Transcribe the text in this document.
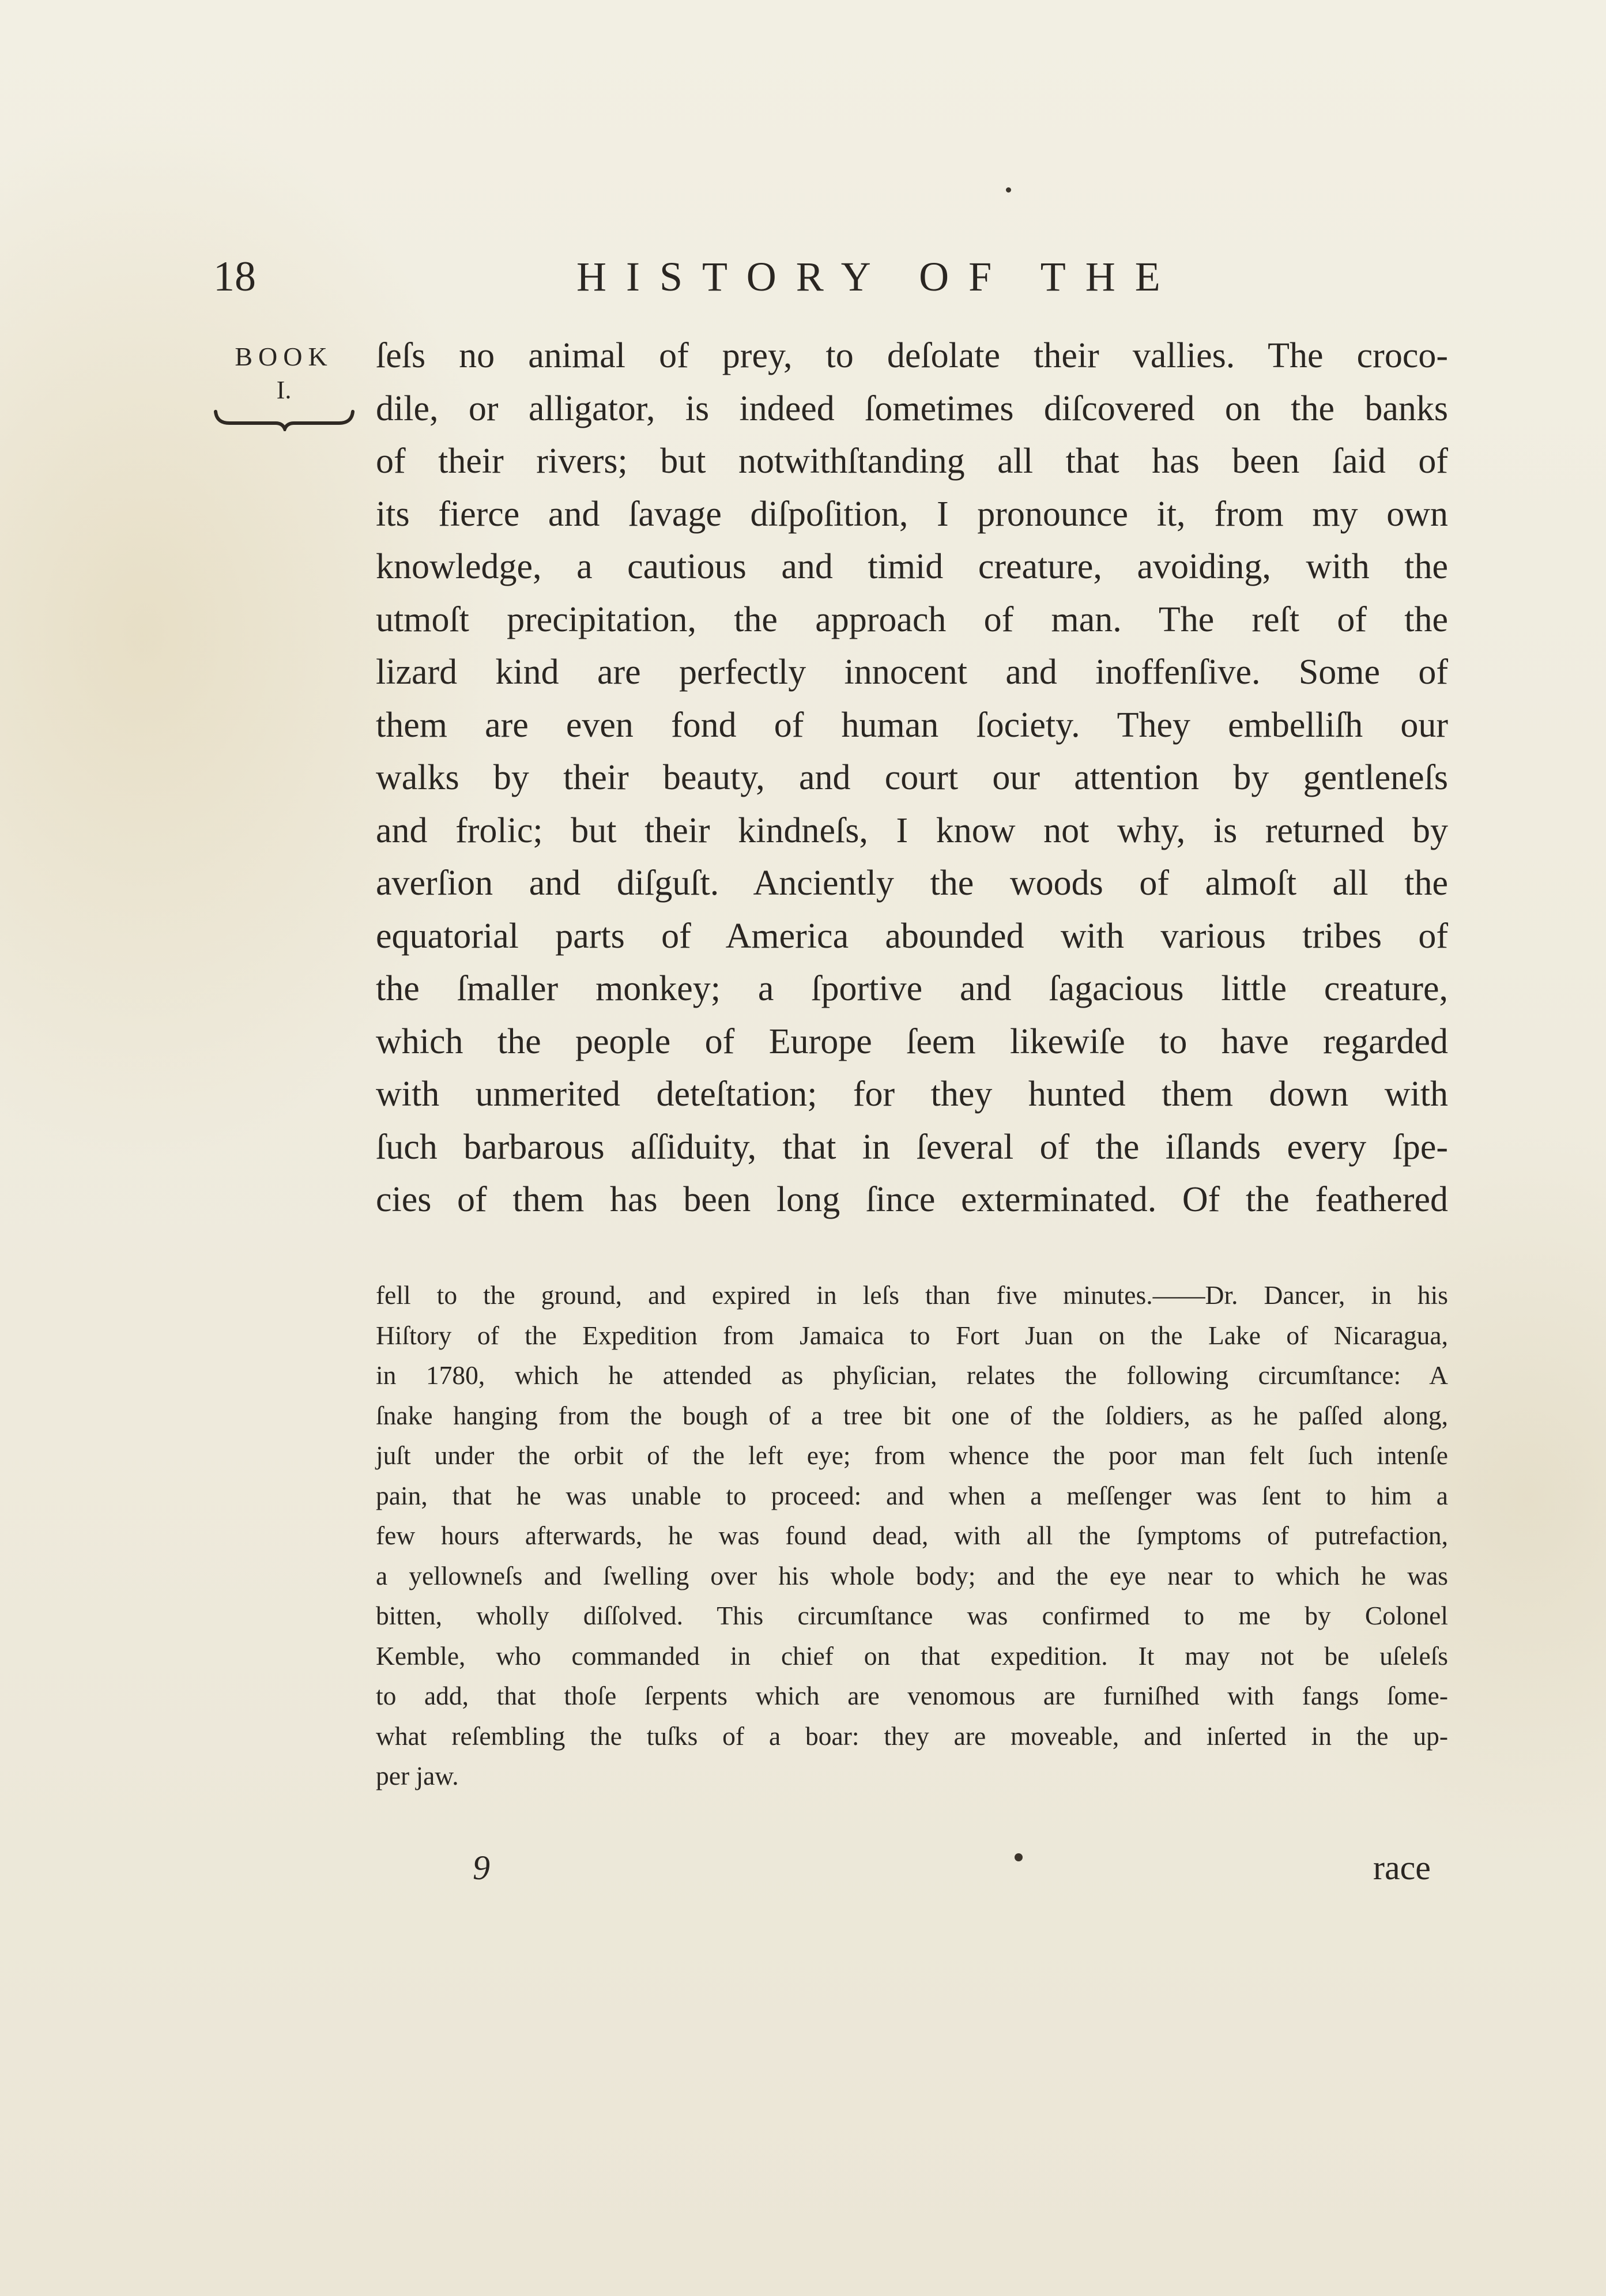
18	HISTORY OF THE
BOOK
I.
ſeſs no animal of prey, to deſolate their vallies. The croco-
dile, or alligator, is indeed ſometimes diſcovered on the banks
of their rivers; but notwithſtanding all that has been ſaid of
its fierce and ſavage diſpoſition, I pronounce it, from my own
knowledge, a cautious and timid creature, avoiding, with the
utmoſt precipitation, the approach of man. The reſt of the
lizard kind are perfectly innocent and inoffenſive. Some of
them are even fond of human ſociety. They embelliſh our
walks by their beauty, and court our attention by gentleneſs
and frolic; but their kindneſs, I know not why, is returned by
averſion and diſguſt. Anciently the woods of almoſt all the
equatorial parts of America abounded with various tribes of
the ſmaller monkey; a ſportive and ſagacious little creature,
which the people of Europe ſeem likewiſe to have regarded
with unmerited deteſtation; for they hunted them down with
ſuch barbarous aſſiduity, that in ſeveral of the iſlands every ſpe-
cies of them has been long ſince exterminated. Of the feathered
fell to the ground, and expired in leſs than five minutes.——Dr. Dancer, in his
Hiſtory of the Expedition from Jamaica to Fort Juan on the Lake of Nicaragua,
in 1780, which he attended as phyſician, relates the following circumſtance: A
ſnake hanging from the bough of a tree bit one of the ſoldiers, as he paſſed along,
juſt under the orbit of the left eye; from whence the poor man felt ſuch intenſe
pain, that he was unable to proceed: and when a meſſenger was ſent to him a
few hours afterwards, he was found dead, with all the ſymptoms of putrefaction,
a yellowneſs and ſwelling over his whole body; and the eye near to which he was
bitten, wholly diſſolved. This circumſtance was confirmed to me by Colonel
Kemble, who commanded in chief on that expedition. It may not be uſeleſs
to add, that thoſe ſerpents which are venomous are furniſhed with fangs ſome-
what reſembling the tuſks of a boar: they are moveable, and inſerted in the up-
per jaw.
9	race
